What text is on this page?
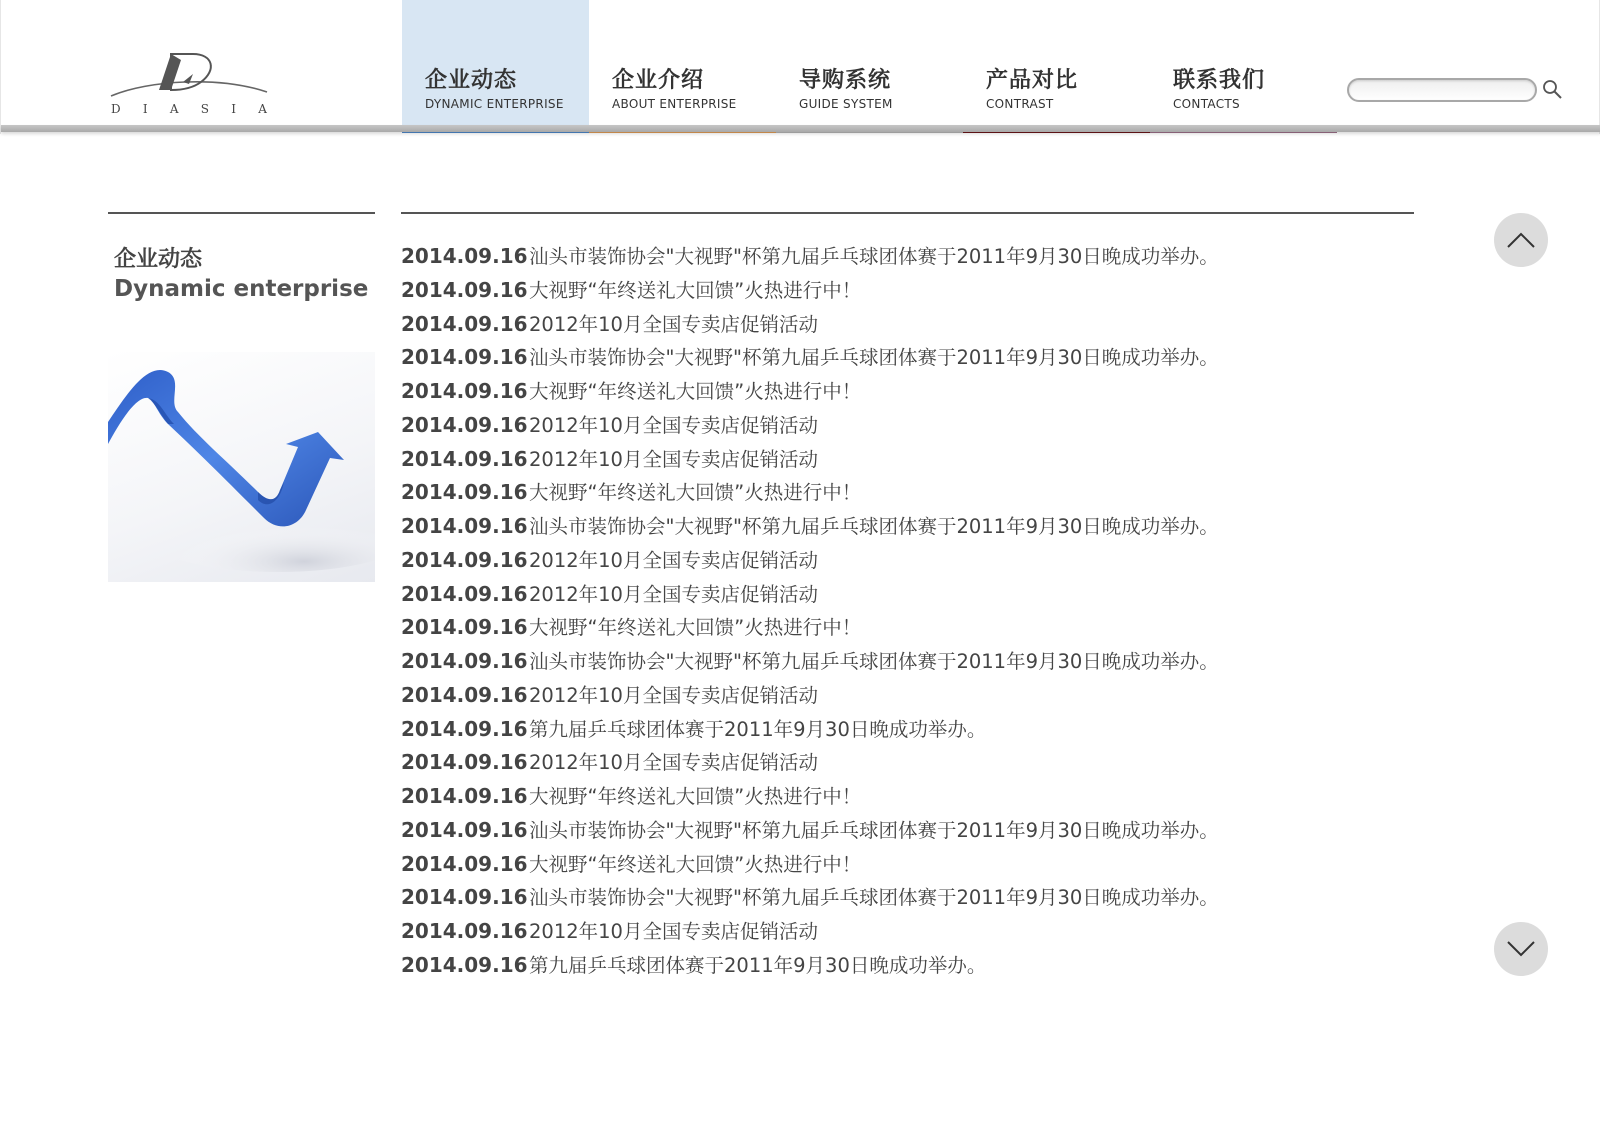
D I A S I A
企业动态
DYNAMIC ENTERPRISE
企业介绍
ABOUT ENTERPRISE
导购系统
GUIDE SYSTEM
产品对比
CONTRAST
联系我们
CONTACTS
企业动态
Dynamic enterprise
2014.09.16汕头市装饰协会"大视野"杯第九届乒乓球团体赛于2011年9月30日晚成功举办。
2014.09.16大视野“年终送礼大回馈”火热进行中！
2014.09.162012年10月全国专卖店促销活动
2014.09.16汕头市装饰协会"大视野"杯第九届乒乓球团体赛于2011年9月30日晚成功举办。
2014.09.16大视野“年终送礼大回馈”火热进行中！
2014.09.162012年10月全国专卖店促销活动
2014.09.162012年10月全国专卖店促销活动
2014.09.16大视野“年终送礼大回馈”火热进行中！
2014.09.16汕头市装饰协会"大视野"杯第九届乒乓球团体赛于2011年9月30日晚成功举办。
2014.09.162012年10月全国专卖店促销活动
2014.09.162012年10月全国专卖店促销活动
2014.09.16大视野“年终送礼大回馈”火热进行中！
2014.09.16汕头市装饰协会"大视野"杯第九届乒乓球团体赛于2011年9月30日晚成功举办。
2014.09.162012年10月全国专卖店促销活动
2014.09.16第九届乒乓球团体赛于2011年9月30日晚成功举办。
2014.09.162012年10月全国专卖店促销活动
2014.09.16大视野“年终送礼大回馈”火热进行中！
2014.09.16汕头市装饰协会"大视野"杯第九届乒乓球团体赛于2011年9月30日晚成功举办。
2014.09.16大视野“年终送礼大回馈”火热进行中！
2014.09.16汕头市装饰协会"大视野"杯第九届乒乓球团体赛于2011年9月30日晚成功举办。
2014.09.162012年10月全国专卖店促销活动
2014.09.16第九届乒乓球团体赛于2011年9月30日晚成功举办。
